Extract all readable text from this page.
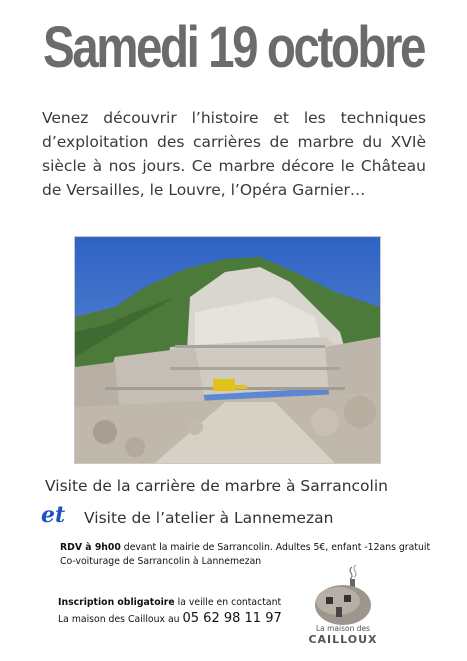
Samedi 19 octobre
Venez découvrir l’histoire et les techniques d’exploitation des carrières de marbre du XVIè siècle à nos jours. Ce marbre décore le Château de Versailles, le Louvre, l’Opéra Garnier…
Visite de la carrière de marbre à Sarrancolin
et Visite de l’atelier à Lannemezan
RDV à 9h00 devant la mairie de Sarrancolin. Adultes 5€, enfant -12ans gratuit
Co-voiturage de Sarrancolin à Lannemezan
Inscription obligatoire la veille en contactant
La maison des Cailloux au 05 62 98 11 97
La maison des
CAILLOUX
